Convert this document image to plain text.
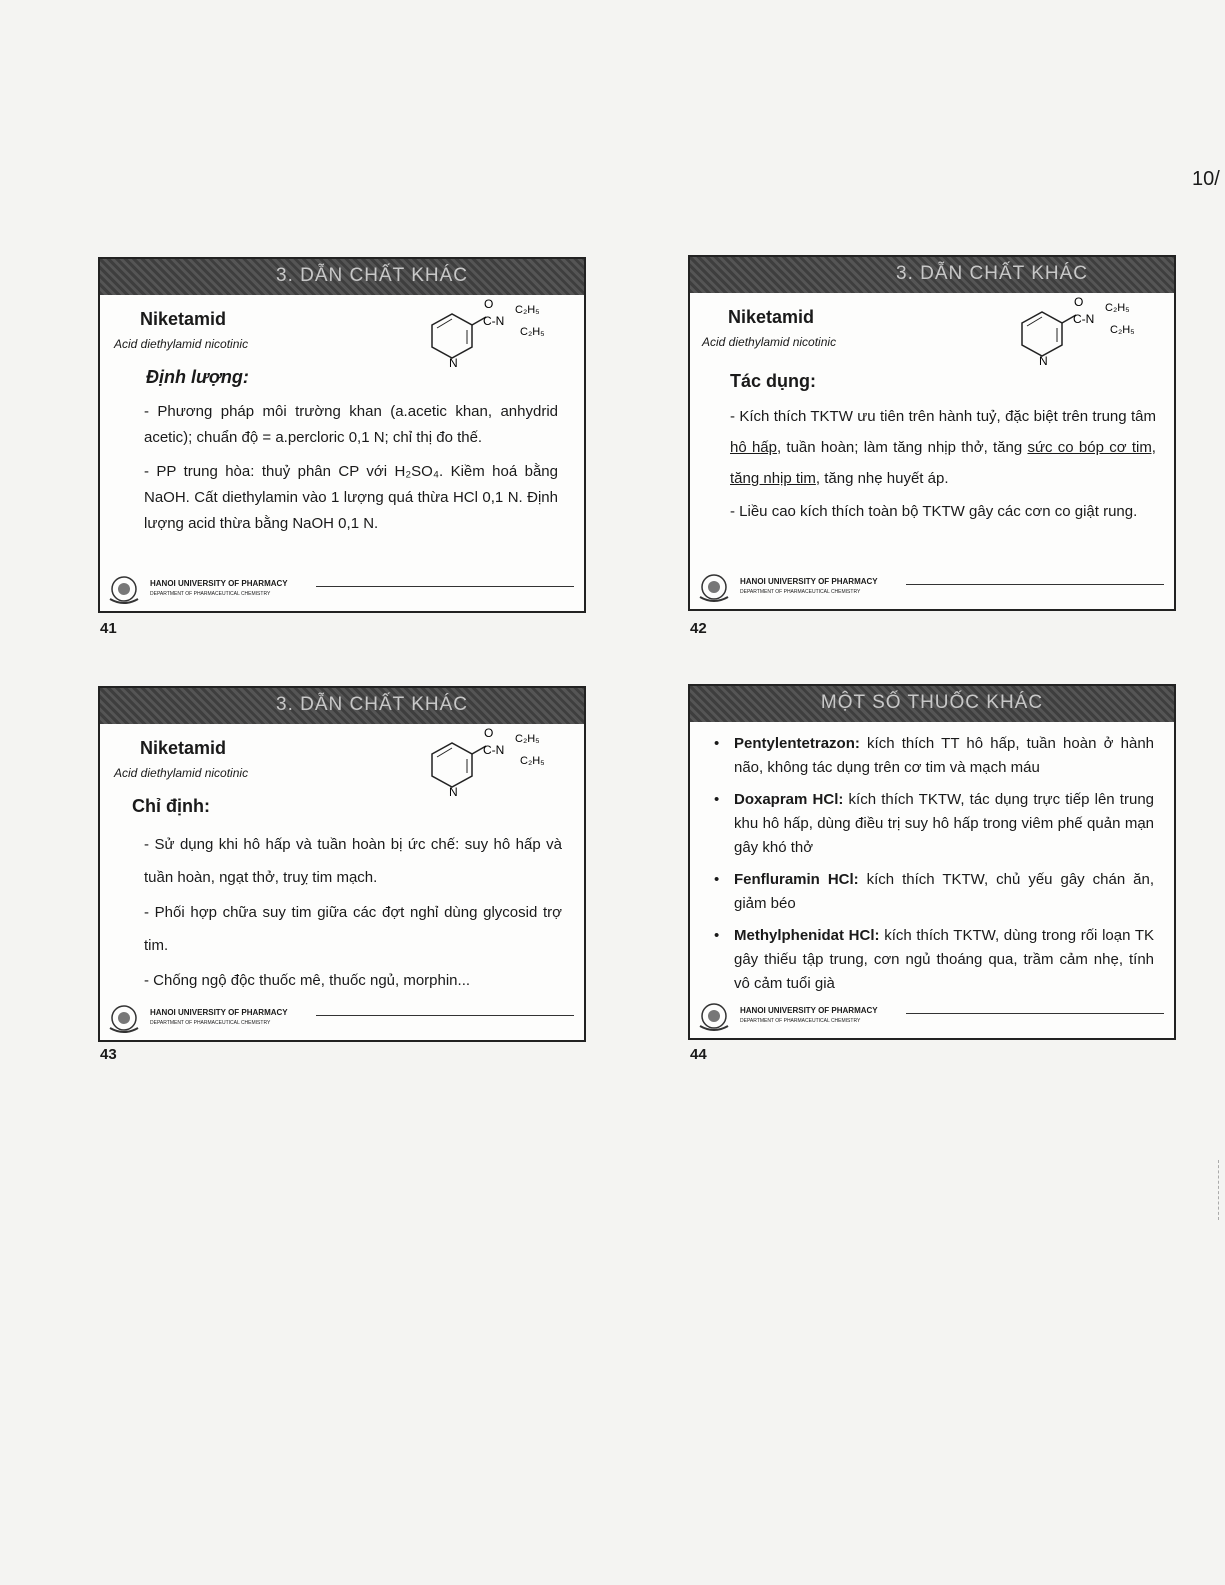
10/
3. DẪN CHẤT KHÁC
Niketamid
Acid diethylamid nicotinic
O
C-N
C₂H₅
C₂H₅
N
Định lượng:

- Phương pháp môi trường khan (a.acetic khan, anhydrid acetic); chuẩn độ = a.percloric 0,1 N; chỉ thị đo thế.

- PP trung hòa: thuỷ phân CP với H₂SO₄. Kiềm hoá bằng NaOH. Cất diethylamin vào 1 lượng quá thừa HCl 0,1 N. Định lượng acid thừa bằng NaOH 0,1 N.

HANOI UNIVERSITY OF PHARMACY
DEPARTMENT OF PHARMACEUTICAL CHEMISTRY
41
3. DẪN CHẤT KHÁC
Niketamid
Acid diethylamid nicotinic
O
C-N
C₂H₅
C₂H₅
N
Tác dụng:

- Kích thích TKTW ưu tiên trên hành tuỷ, đặc biệt trên trung tâm hô hấp, tuần hoàn; làm tăng nhịp thở, tăng sức co bóp cơ tim, tăng nhịp tim, tăng nhẹ huyết áp.

- Liều cao kích thích toàn bộ TKTW gây các cơn co giật rung.

HANOI UNIVERSITY OF PHARMACY
DEPARTMENT OF PHARMACEUTICAL CHEMISTRY
42
3. DẪN CHẤT KHÁC
Niketamid
Acid diethylamid nicotinic
O
C-N
C₂H₅
C₂H₅
N
Chỉ định:

- Sử dụng khi hô hấp và tuần hoàn bị ức chế: suy hô hấp và tuần hoàn, ngạt thở, truỵ tim mạch.

- Phối hợp chữa suy tim giữa các đợt nghỉ dùng glycosid trợ tim.

- Chống ngộ độc thuốc mê, thuốc ngủ, morphin...

HANOI UNIVERSITY OF PHARMACY
DEPARTMENT OF PHARMACEUTICAL CHEMISTRY
43
MỘT SỐ THUỐC KHÁC
• Pentylentetrazon: kích thích TT hô hấp, tuần hoàn ở hành não, không tác dụng trên cơ tim và mạch máu
• Doxapram HCl: kích thích TKTW, tác dụng trực tiếp lên trung khu hô hấp, dùng điều trị suy hô hấp trong viêm phế quản mạn gây khó thở
• Fenfluramin HCl: kích thích TKTW, chủ yếu gây chán ăn, giảm béo
• Methylphenidat HCl: kích thích TKTW, dùng trong rối loạn TK gây thiếu tập trung, cơn ngủ thoáng qua, trầm cảm nhẹ, tính vô cảm tuổi già
HANOI UNIVERSITY OF PHARMACY
DEPARTMENT OF PHARMACEUTICAL CHEMISTRY
44
